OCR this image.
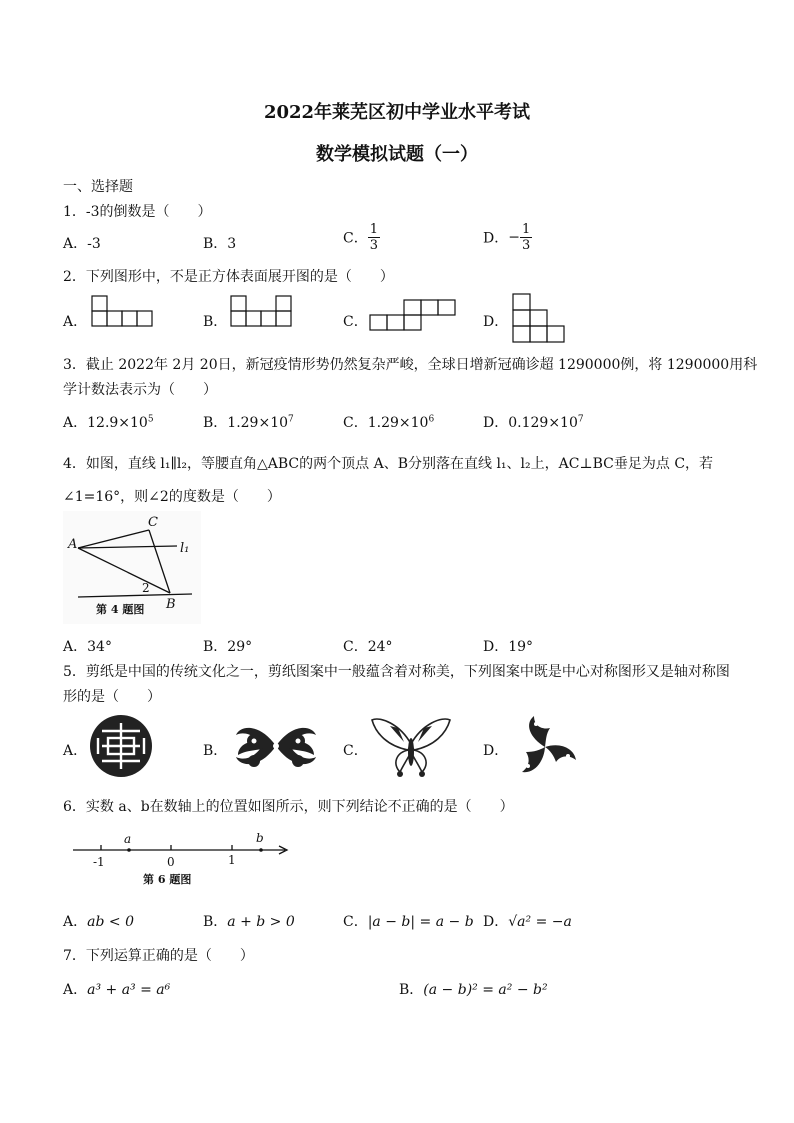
2022年莱芜区初中学业水平考试
数学模拟试题（一）
一、选择题
1．-3的倒数是（　　）
A．-3	B．3	C． $\frac{1}{3}$	D．− $\frac{1}{3}$
2．下列图形中，不是正方体表面展开图的是（　　）
A．	B．	C．	D．
3．截止 2022年 2月 20日，新冠疫情形势仍然复杂严峻，全球日增新冠确诊超 1290000例，将 1290000用科
学计数法表示为（　　）
A．$12.9\times 10^5$	B．$1.29\times 10^7$	C．$1.29\times 10^6$	D．$0.129\times 10^7$
4．如图，直线 l₁∥l₂，等腰直角△ABC的两个顶点 A、B分别落在直线 l₁、l₂上，AC⊥BC垂足为点 C，若
∠1=16°，则∠2的度数是（　　）
A
C
l₁
B
2
第 4 题图
A．34°	B．29°	C．24°	D．19°
5．剪纸是中国的传统文化之一，剪纸图案中一般蕴含着对称美，下列图案中既是中心对称图形又是轴对称图
形的是（　　）
A．	B．	C．	D．
6．实数 a、b在数轴上的位置如图所示，则下列结论不正确的是（　　）
a	b
-1	0	1
第 6 题图
A．ab < 0	B．a + b > 0	C．|a − b| = a − b D．√a² = −a
7．下列运算正确的是（　　）
A．a³ + a³ = a⁶	B．(a − b)² = a² − b²
